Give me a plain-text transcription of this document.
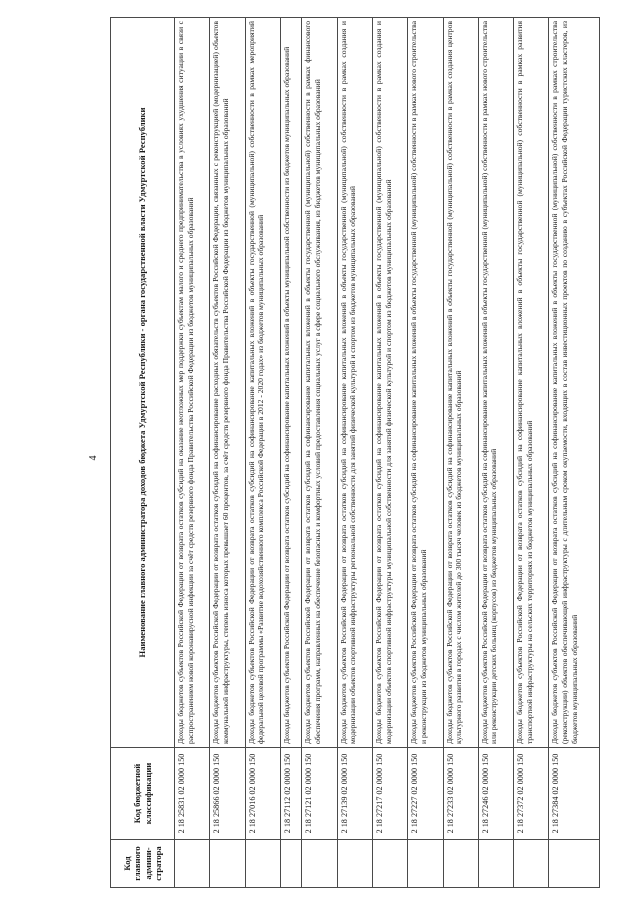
4
Код главного админи-стратора	Код бюджетной классификации	Наименование главного администратора доходов бюджета Удмуртской Республики - органа государственной власти Удмуртской Республики
	2 18 25831 02 0000 150	Доходы бюджетов субъектов Российской Федерации от возврата остатков субсидий на оказание неотложных мер поддержки субъектам малого и среднего предпринимательства в условиях ухудшения ситуации в связи с распространением новой коронавирусной инфекции за счёт средств резервного фонда Правительства Российской Федерации из бюджетов муниципальных образований
	2 18 25866 02 0000 150	Доходы бюджетов субъектов Российской Федерации от возврата остатков субсидий на софинансирование расходных обязательств субъектов Российской Федерации, связанных с реконструкцией (модернизацией) объектов коммунальной инфраструктуры, степень износа которых превышает 60 процентов, за счёт средств резервного фонда Правительства Российской Федерации из бюджетов муниципальных образований
	2 18 27016 02 0000 150	Доходы бюджетов субъектов Российской Федерации от возврата остатков субсидий на софинансирование капитальных вложений в объекты государственной (муниципальной) собственности в рамках мероприятий федеральной целевой программы «Развитие водохозяйственного комплекса Российской Федерации в 2012 - 2020 годах» из бюджетов муниципальных образований
	2 18 27112 02 0000 150	Доходы бюджетов субъектов Российской Федерации от возврата остатков субсидий на софинансирование капитальных вложений в объекты муниципальной собственности из бюджетов муниципальных образований
	2 18 27121 02 0000 150	Доходы бюджетов субъектов Российской Федерации от возврата остатков субсидий на софинансирование капитальных вложений в объекты государственной (муниципальной) собственности в рамках финансового обеспечения программ, направленных на обеспечение безопасных и комфортных условий предоставления социальных услуг в сфере социального обслуживания, из бюджетов муниципальных образований
	2 18 27139 02 0000 150	Доходы бюджетов субъектов Российской Федерации от возврата остатков субсидий на софинансирование капитальных вложений в объекты государственной (муниципальной) собственности в рамках создания и модернизации объектов спортивной инфраструктуры региональной собственности для занятий физической культурой и спортом из бюджетов муниципальных образований
	2 18 27217 02 0000 150	Доходы бюджетов субъектов Российской Федерации от возврата остатков субсидий на софинансирование капитальных вложений в объекты государственной (муниципальной) собственности в рамках создания и модернизации объектов спортивной инфраструктуры муниципальной собственности для занятий физической культурой и спортом из бюджетов муниципальных образований
	2 18 27227 02 0000 150	Доходы бюджетов субъектов Российской Федерации от возврата остатков субсидий на софинансирование капитальных вложений в объекты государственной (муниципальной) собственности в рамках нового строительства и реконструкции из бюджетов муниципальных образований
	2 18 27233 02 0000 150	Доходы бюджетов субъектов Российской Федерации от возврата остатков субсидий на софинансирование капитальных вложений в объекты государственной (муниципальной) собственности в рамках создания центров культурного развития в городах с числом жителей до 300 тысяч человек из бюджетов муниципальных образований
	2 18 27246 02 0000 150	Доходы бюджетов субъектов Российской Федерации от возврата остатков субсидий на софинансирование капитальных вложений в объекты государственной (муниципальной) собственности в рамках нового строительства или реконструкции детских больниц (корпусов) из бюджетов муниципальных образований
	2 18 27372 02 0000 150	Доходы бюджетов субъектов Российской Федерации от возврата остатков субсидий на софинансирование капитальных вложений в объекты государственной (муниципальной) собственности в рамках развития транспортной инфраструктуры на сельских территориях из бюджетов муниципальных образований
	2 18 27384 02 0000 150	Доходы бюджетов субъектов Российской Федерации от возврата остатков субсидий на софинансирование капитальных вложений в объекты государственной (муниципальной) собственности в рамках строительства (реконструкции) объектов обеспечивающей инфраструктуры с длительным сроком окупаемости, входящих в состав инвестиционных проектов по созданию в субъектах Российской Федерации туристских кластеров, из бюджетов муниципальных образований
